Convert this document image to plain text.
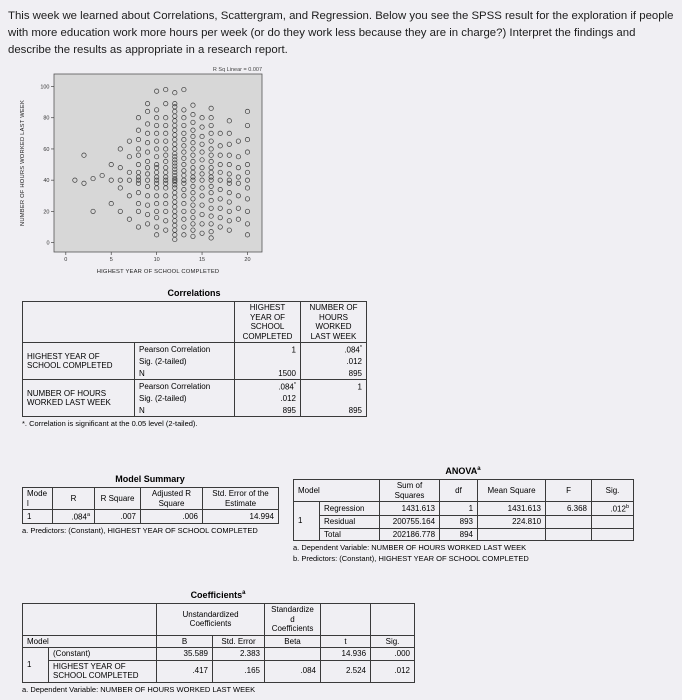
This week we learned about Correlations, Scattergram, and Regression. Below you see the SPSS result for the exploration if people with more education work more hours per week (or do they work less because they are in charge?) Interpret the findings and describe the results as appropriate in a research report.
R Sq Linear = 0.007
HIGHEST YEAR OF SCHOOL COMPLETED
NUMBER OF HOURS WORKED LAST WEEK
0	5	10	15	20
0
20
40
60
80
100
Correlations
		HIGHEST YEAR OF SCHOOL COMPLETED	NUMBER OF HOURS WORKED LAST WEEK
HIGHEST YEAR OF SCHOOL COMPLETED	Pearson Correlation	1	.084*
	Sig. (2-tailed)		.012
	N	1500	895
NUMBER OF HOURS WORKED LAST WEEK	Pearson Correlation	.084*	1
	Sig. (2-tailed)	.012	
	N	895	895
*. Correlation is significant at the 0.05 level (2-tailed).
Model Summary
Model	R	R Square	Adjusted R Square	Std. Error of the Estimate
1	.084$^a$	.007	.006	14.994
a. Predictors: (Constant), HIGHEST YEAR OF SCHOOL COMPLETED
ANOVA$^a$
Model		Sum of Squares	df	Mean Square	F	Sig.
1	Regression	1431.613	1	1431.613	6.368	.012$^b$
	Residual	200755.164	893	224.810		
	Total	202186.778	894			
a. Dependent Variable: NUMBER OF HOURS WORKED LAST WEEK
b. Predictors: (Constant), HIGHEST YEAR OF SCHOOL COMPLETED
Coefficients$^a$
		Unstandardized Coefficients		Standardized Coefficients		
Model		B	Std. Error	Beta	t	Sig.
1	(Constant)	35.589	2.383		14.936	.000
	HIGHEST YEAR OF SCHOOL COMPLETED	.417	.165	.084	2.524	.012
a. Dependent Variable: NUMBER OF HOURS WORKED LAST WEEK
